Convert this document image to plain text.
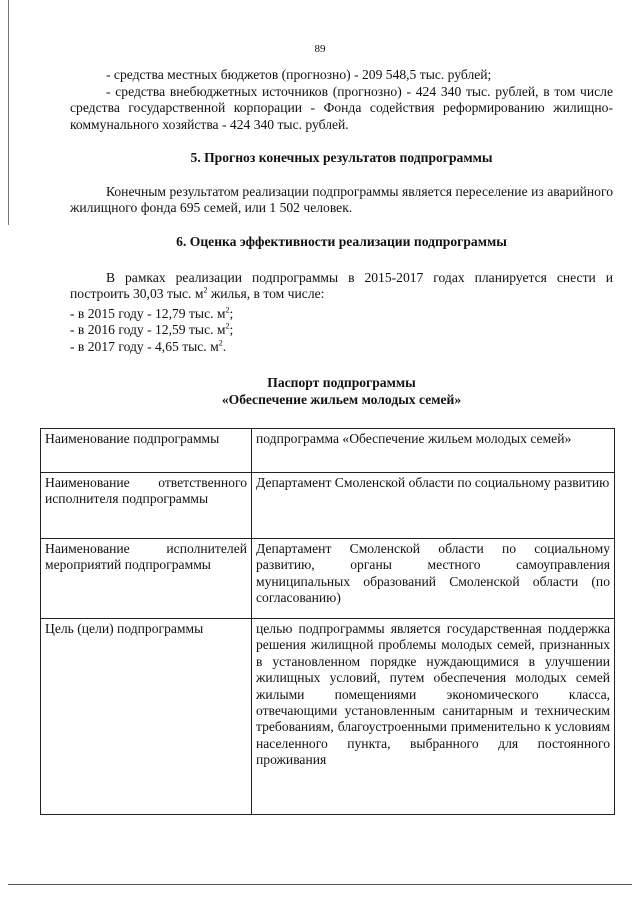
89

- средства местных бюджетов (прогнозно) - 209 548,5 тыс. рублей;

- средства внебюджетных источников (прогнозно) - 424 340 тыс. рублей, в том числе средства государственной корпорации - Фонда содействия реформированию жилищно-коммунального хозяйства - 424 340 тыс. рублей.

5. Прогноз конечных результатов подпрограммы

Конечным результатом реализации подпрограммы является переселение из аварийного жилищного фонда 695 семей, или 1 502 человек.

6. Оценка эффективности реализации подпрограммы

В рамках реализации подпрограммы в 2015-2017 годах планируется снести и построить 30,03 тыс. $м^2$ жилья, в том числе:

- в 2015 году - 12,79 тыс. $м^2$;
- в 2016 году - 12,59 тыс. $м^2$;
- в 2017 году - 4,65 тыс. $м^2$.
Паспорт подпрограммы
«Обеспечение жильем молодых семей»
Наименование подпрограммы	подпрограмма «Обеспечение жильем молодых семей»
Наименование ответственного исполнителя подпрограммы	Департамент Смоленской области по социальному развитию
Наименование исполнителей мероприятий подпрограммы	Департамент Смоленской области по социальному развитию, органы местного самоуправления муниципальных образований Смоленской области (по согласованию)
Цель (цели) подпрограммы	целью подпрограммы является государственная поддержка решения жилищной проблемы молодых семей, признанных в установленном порядке нуждающимися в улучшении жилищных условий, путем обеспечения молодых семей жилыми помещениями экономического класса, отвечающими установленным санитарным и техническим требованиям, благоустроенными применительно к условиям населенного пункта, выбранного для постоянного проживания
